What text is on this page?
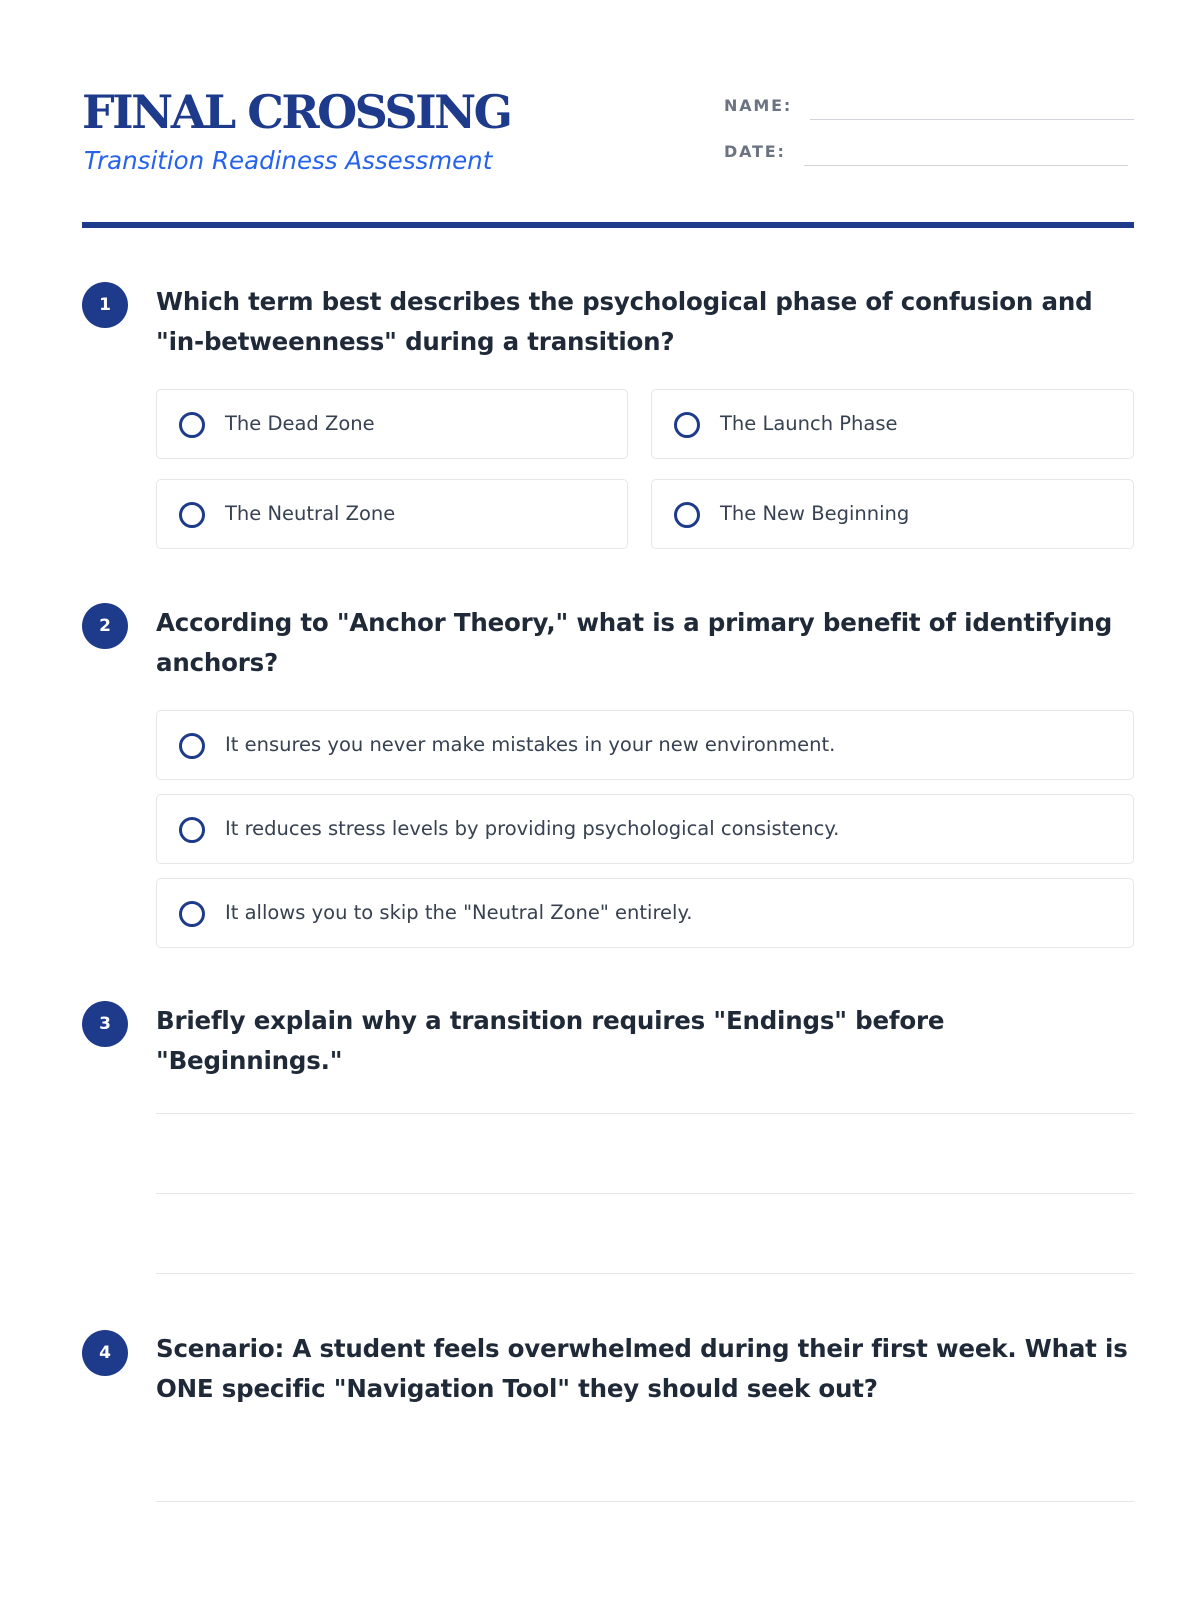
FINAL CROSSING

Transition Readiness Assessment

NAME:
DATE:
1	Which term best describes the psychological phase of confusion and "in-betweenness" during a transition?

The Dead Zone	The Launch Phase
The Neutral Zone	The New Beginning
2	According to "Anchor Theory," what is a primary benefit of identifying anchors?

It ensures you never make mistakes in your new environment.
It reduces stress levels by providing psychological consistency.
It allows you to skip the "Neutral Zone" entirely.
3	Briefly explain why a transition requires "Endings" before "Beginnings."

4	Scenario: A student feels overwhelmed during their first week. What is ONE specific "Navigation Tool" they should seek out?
